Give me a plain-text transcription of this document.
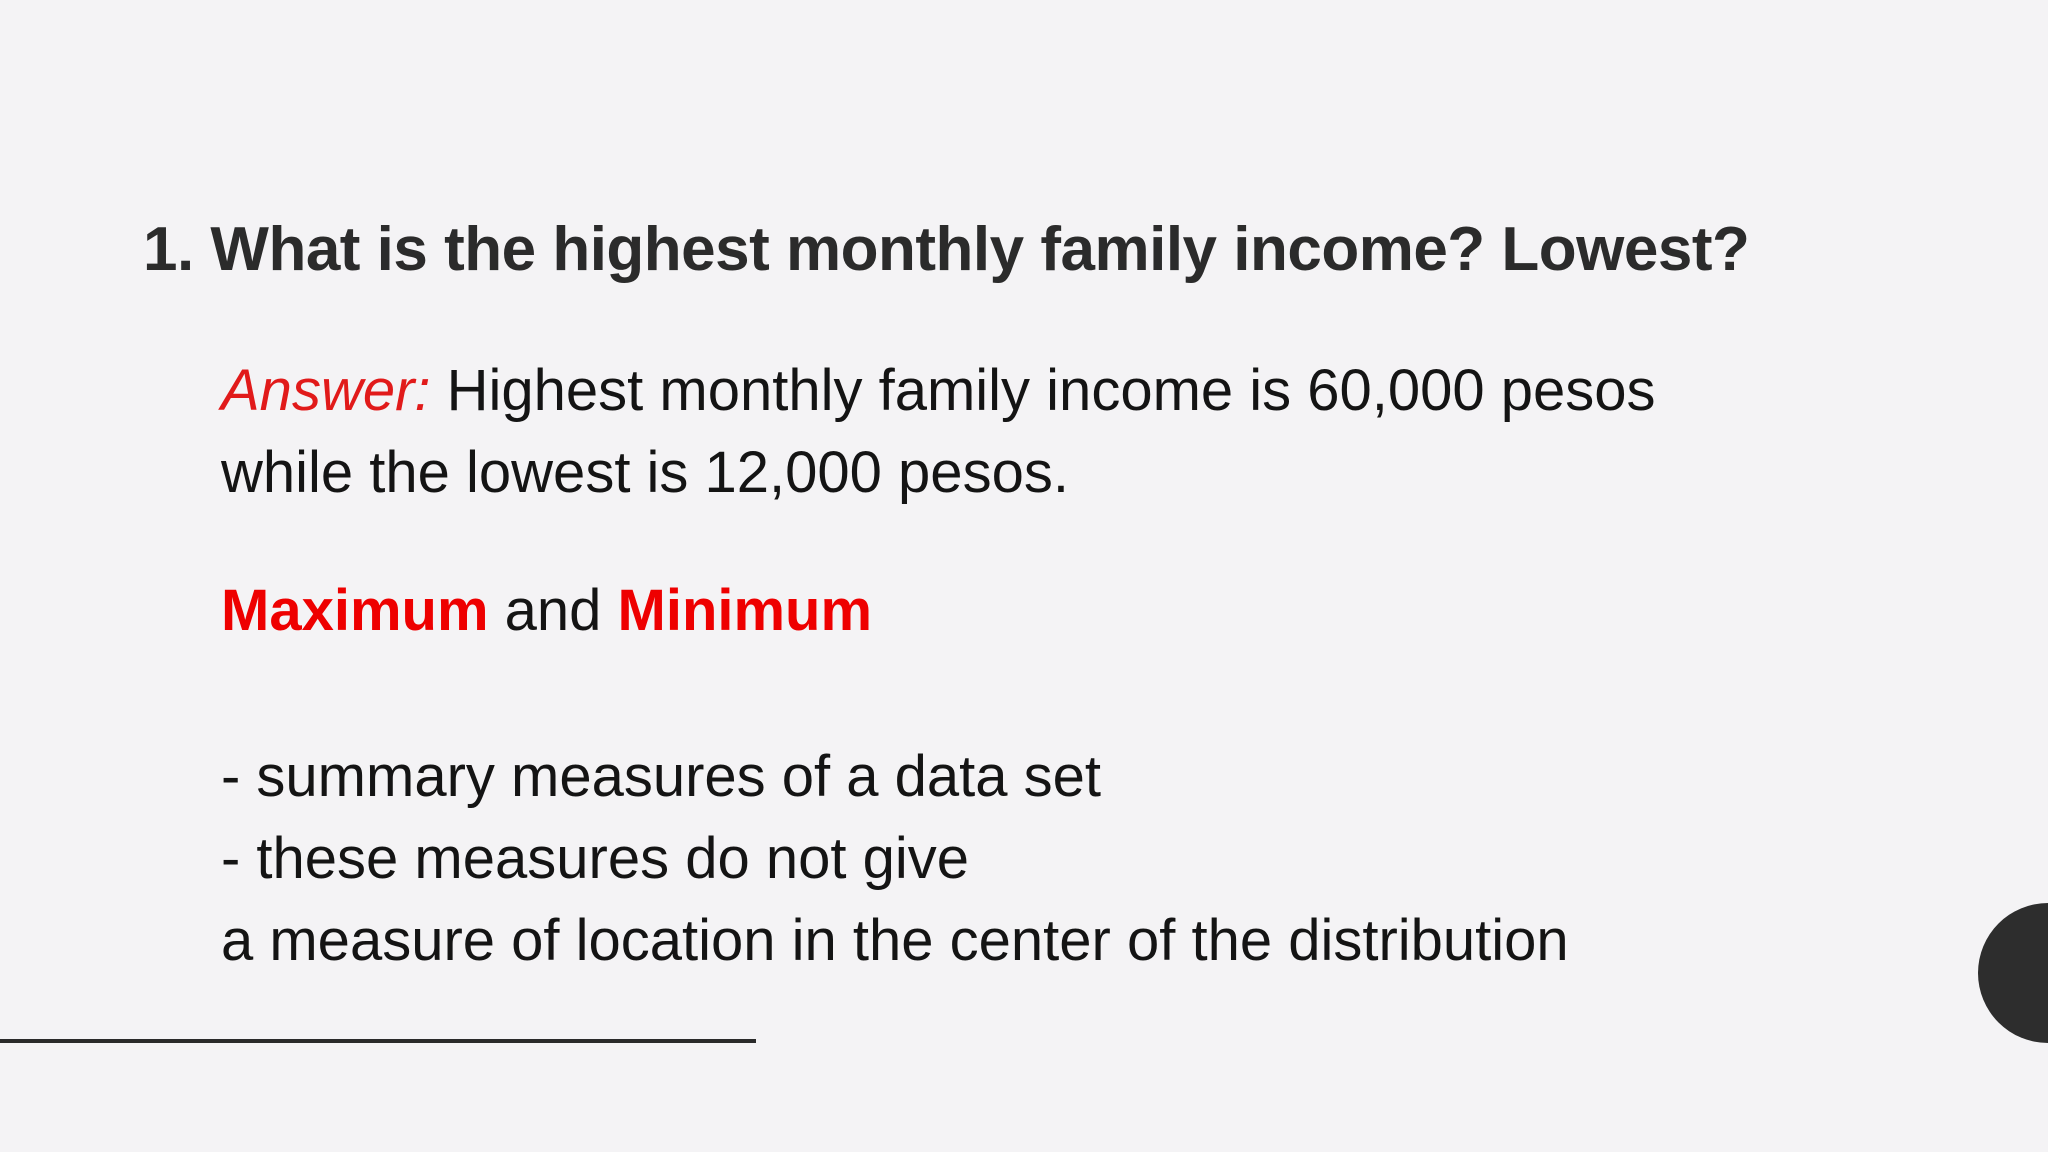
1. What is the highest monthly family income? Lowest?
Answer: Highest monthly family income is 60,000 pesos
while the lowest is 12,000 pesos.
Maximum and Minimum
- summary measures of a data set
- these measures do not give
a measure of location in the center of the distribution
